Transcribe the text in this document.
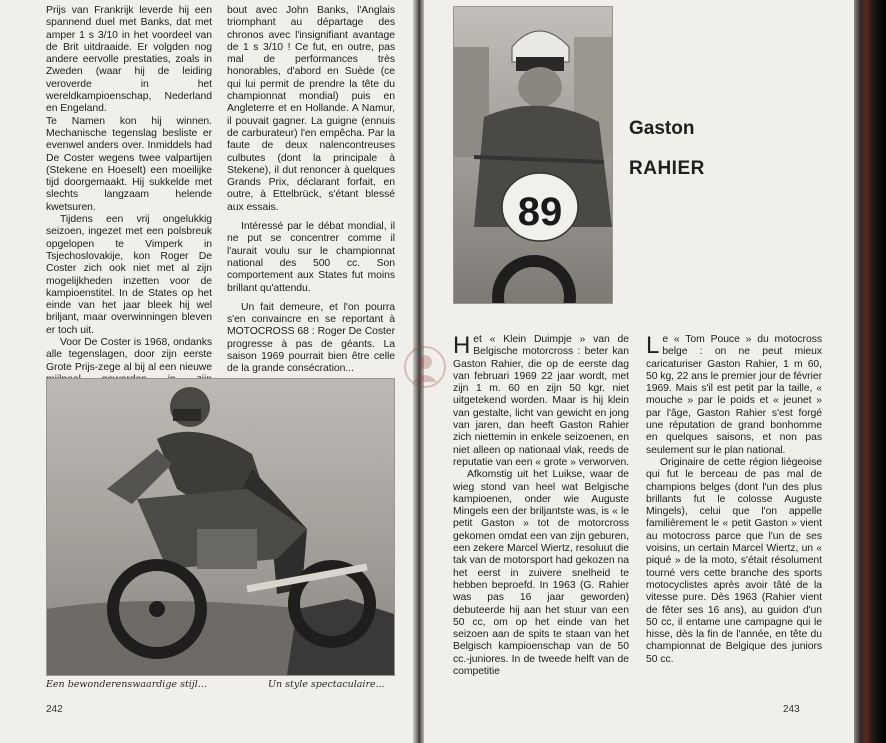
Prijs van Frankrijk leverde hij een spannend duel met Banks, dat met amper 1 s 3/10 in het voordeel van de Brit uitdraaide. Er volgden nog andere eervolle prestaties, zoals in Zweden (waar hij de leiding veroverde in het wereldkampioenschap, Nederland en Engeland.

Te Namen kon hij winnen. Mechanische tegenslag besliste er evenwel anders over. Inmiddels had De Coster wegens twee valpartijen (Stekene en Hoeselt) een moeilijke tijd doorgemaakt. Hij sukkelde met slechts langzaam helende kwetsuren.

Tijdens een vrij ongelukkig seizoen, ingezet met een polsbreuk opgelopen te Vimperk in Tsjechoslovakije, kon Roger De Coster zich ook niet met al zijn mogelijkheden inzetten voor de kampioenstitel. In de States op het einde van het jaar bleek hij wel briljant, maar overwinningen bleven er toch uit.

Voor De Coster is 1968, ondanks alle tegenslagen, door zijn eerste Grote Prijs-zege al bij al een nieuwe

bout avec John Banks, l'Anglais triomphant au départage des chronos avec l'insignifiant avantage de 1 s 3/10 ! Ce fut, en outre, pas mal de performances très honorables, d'abord en Suède (ce qui lui permit de prendre la tête du championnat mondial) puis en Angleterre et en Hollande. A Namur, il pouvait gagner. La guigne (ennuis de carburateur) l'en empêcha. Par la faute de deux nalencontreuses culbutes (dont la principale à Stekene), il dut renoncer à quelques Grands Prix, déclarant forfait, en outre, à Ettelbrück, s'étant blessé aux essais.

Intéressé par le débat mondial, il ne put se concentrer comme il l'aurait voulu sur le championnat national des 500 cc. Son comportement aux States fut moins brillant qu'attendu.

Un fait demeure, et l'on pourra s'en convaincre en se reportant à MOTOCROSS 68 : Roger De Coster progresse à pas de géants. La saison 1969 pourrait bien être celle de la grande consécration...

Een bewonderenswaardige stijl...	Un style spectaculaire...
242
89
Gaston
RAHIER

Het « Klein Duimpje » van de Belgische motorcross : beter kan Gaston Rahier, die op de eerste dag van februari 1969 22 jaar wordt, met zijn 1 m. 60 en zijn 50 kgr. niet uitgetekend worden. Maar is hij klein van gestalte, licht van gewicht en jong van jaren, dan heeft Gaston Rahier zich niettemin in enkele seizoenen, en niet alleen op nationaal vlak, reeds de reputatie van een « grote » verworven.

Afkomstig uit het Luikse, waar de wieg stond van heel wat Belgische kampioenen, onder wie Auguste Mingels een der briljantste was, is « le petit Gaston » tot de motorcross gekomen omdat een van zijn geburen, een zekere Marcel Wiertz, resoluut die tak van de motorsport had gekozen na het eerst in zuivere snelheid te hebben beproefd. In 1963 (G. Rahier was pas 16 jaar geworden) debuteerde hij aan het stuur van een 50 cc, om op het einde van het seizoen aan de spits te staan van het Belgisch kampioenschap van de 50 cc.-juniores. In de tweede helft van de competitie

Le « Tom Pouce » du motocross belge : on ne peut mieux caricaturiser Gaston Rahier, 1 m 60, 50 kg, 22 ans le premier jour de février 1969. Mais s'il est petit par la taille, « mouche » par le poids et « jeunet » par l'âge, Gaston Rahier s'est forgé une réputation de grand bonhomme en quelques saisons, et non pas seulement sur le plan national.

Originaire de cette région liégeoise qui fut le berceau de pas mal de champions belges (dont l'un des plus brillants fut le colosse Auguste Mingels), celui que l'on appelle familièrement le « petit Gaston » vient au motocross parce que l'un de ses voisins, un certain Marcel Wiertz, un « piqué » de la moto, s'était résolument tourné vers cette branche des sports motocyclistes après avoir tâté de la vitesse pure. Dès 1963 (Rahier vient de fêter ses 16 ans), au guidon d'un 50 cc, il entame une campagne qui le hisse, dès la fin de l'année, en tête du championnat de Belgique des juniors 50 cc.

243
